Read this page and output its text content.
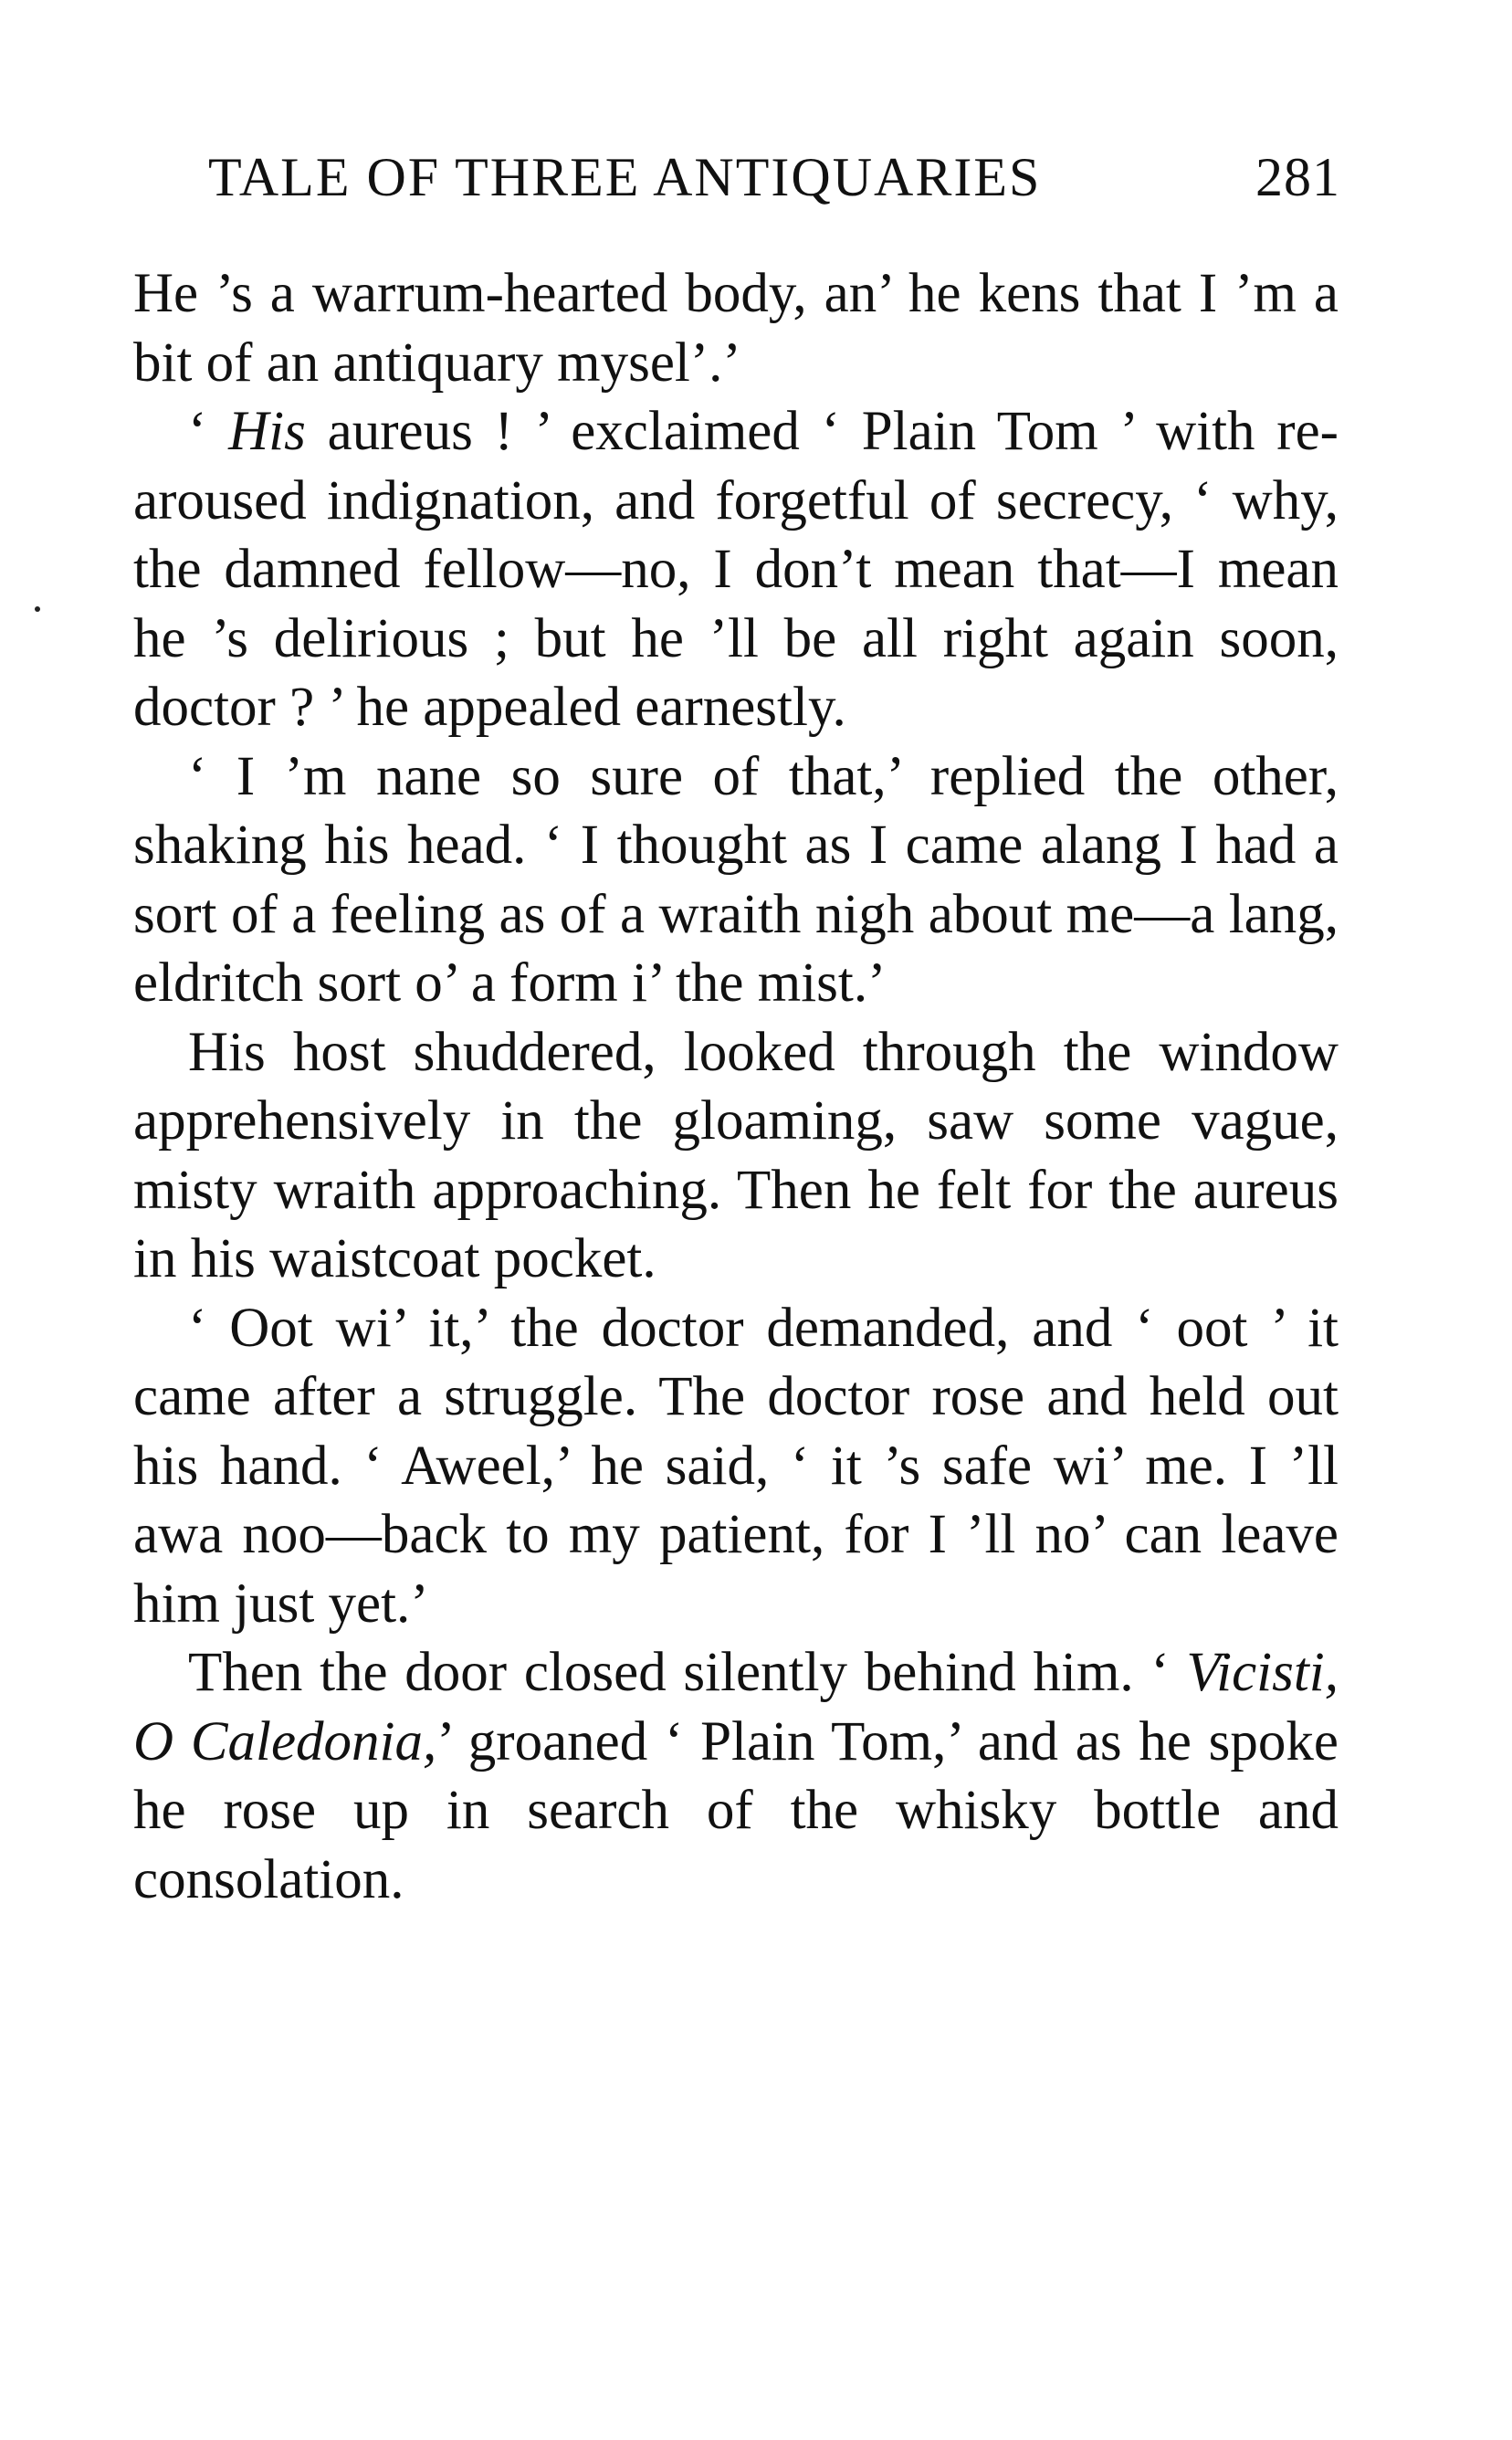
TALE OF THREE ANTIQUARIES	281

He ’s a warrum-hearted body, an’ he kens that I ’m a bit of an antiquary mysel’.’

‘ His aureus ! ’ exclaimed ‘ Plain Tom ’ with re-aroused indignation, and forgetful of secrecy, ‘ why, the damned fellow—no, I don’t mean that—I mean he ’s delirious ; but he ’ll be all right again soon, doctor ? ’ he appealed earnestly.

‘ I ’m nane so sure of that,’ replied the other, shaking his head. ‘ I thought as I came alang I had a sort of a feeling as of a wraith nigh about me—a lang, eldritch sort o’ a form i’ the mist.’

His host shuddered, looked through the window apprehensively in the gloaming, saw some vague, misty wraith approaching. Then he felt for the aureus in his waistcoat pocket.

‘ Oot wi’ it,’ the doctor demanded, and ‘ oot ’ it came after a struggle. The doctor rose and held out his hand. ‘ Aweel,’ he said, ‘ it ’s safe wi’ me. I ’ll awa noo—back to my patient, for I ’ll no’ can leave him just yet.’

Then the door closed silently behind him. ‘ Vicisti, O Caledonia,’ groaned ‘ Plain Tom,’ and as he spoke he rose up in search of the whisky bottle and consolation.
